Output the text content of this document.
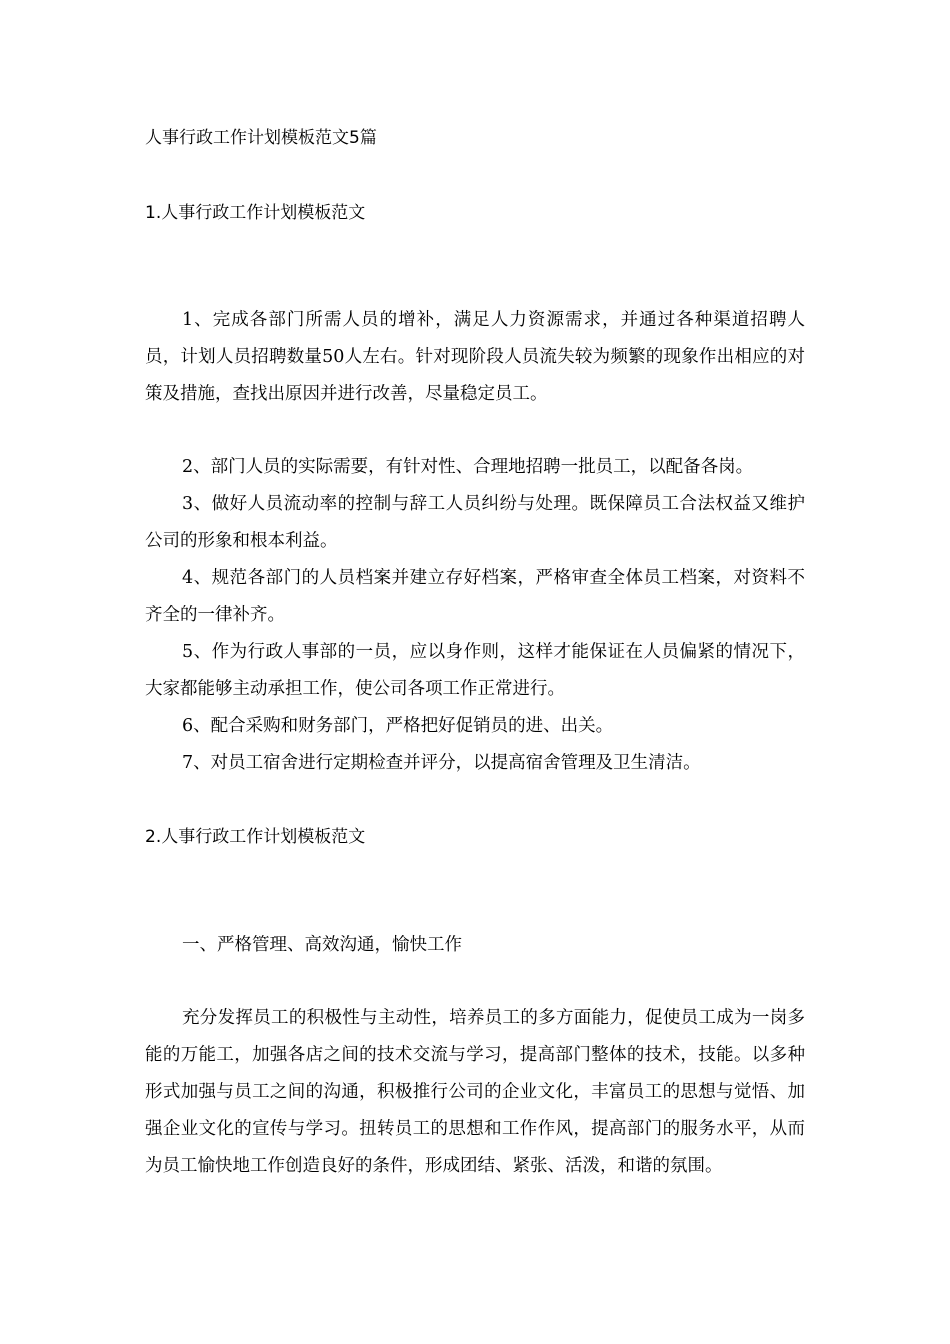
人事行政工作计划模板范文5篇
1.人事行政工作计划模板范文
1、完成各部门所需人员的增补，满足人力资源需求，并通过各种渠道招聘人员，计划人员招聘数量50人左右。针对现阶段人员流失较为频繁的现象作出相应的对策及措施，查找出原因并进行改善，尽量稳定员工。
2、部门人员的实际需要，有针对性、合理地招聘一批员工，以配备各岗。
3、做好人员流动率的控制与辞工人员纠纷与处理。既保障员工合法权益又维护公司的形象和根本利益。
4、规范各部门的人员档案并建立存好档案，严格审查全体员工档案，对资料不齐全的一律补齐。
5、作为行政人事部的一员，应以身作则，这样才能保证在人员偏紧的情况下，大家都能够主动承担工作，使公司各项工作正常进行。
6、配合采购和财务部门，严格把好促销员的进、出关。
7、对员工宿舍进行定期检查并评分，以提高宿舍管理及卫生清洁。
2.人事行政工作计划模板范文
一、严格管理、高效沟通，愉快工作
充分发挥员工的积极性与主动性，培养员工的多方面能力，促使员工成为一岗多能的万能工，加强各店之间的技术交流与学习，提高部门整体的技术，技能。以多种形式加强与员工之间的沟通，积极推行公司的企业文化，丰富员工的思想与觉悟、加强企业文化的宣传与学习。扭转员工的思想和工作作风，提高部门的服务水平，从而为员工愉快地工作创造良好的条件，形成团结、紧张、活泼，和谐的氛围。
